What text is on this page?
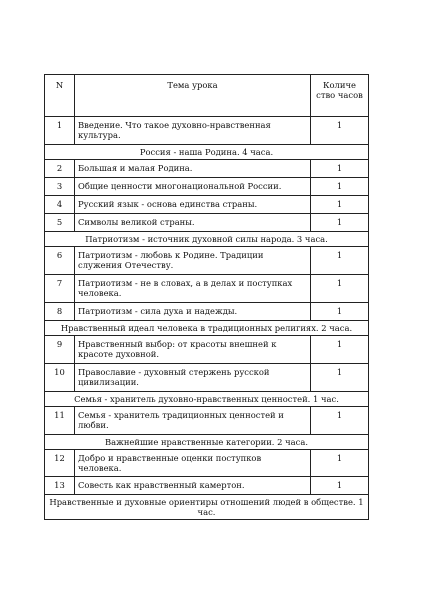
N	Тема урока	Количе ство часов
1	Введение. Что такое духовно-нравственная культура.	1
Россия - наша Родина. 4 часа.		
2	Большая и малая Родина.	1
3	Общие ценности многонациональной России.	1
4	Русский язык - основа единства страны.	1
5	Символы великой страны.	1
Патриотизм - источник духовной силы народа. 3 часа.		
6	Патриотизм - любовь к Родине. Традиции служения Отечеству.	1
7	Патриотизм - не в словах, а в делах и поступках человека.	1
8	Патриотизм - сила духа и надежды.	1
Нравственный идеал человека в традиционных религиях. 2 часа.		
9	Нравственный выбор: от красоты внешней к красоте духовной.	1
10	Православие - духовный стержень русской цивилизации.	1
Семья - хранитель духовно-нравственных ценностей. 1 час.		
11	Семья - хранитель традиционных ценностей и любви.	1
Важнейшие нравственные категории. 2 часа.		
12	Добро и нравственные оценки поступков человека.	1
13	Совесть как нравственный камертон.	1
Нравственные и духовные ориентиры отношений людей в обществе. 1 час.		
